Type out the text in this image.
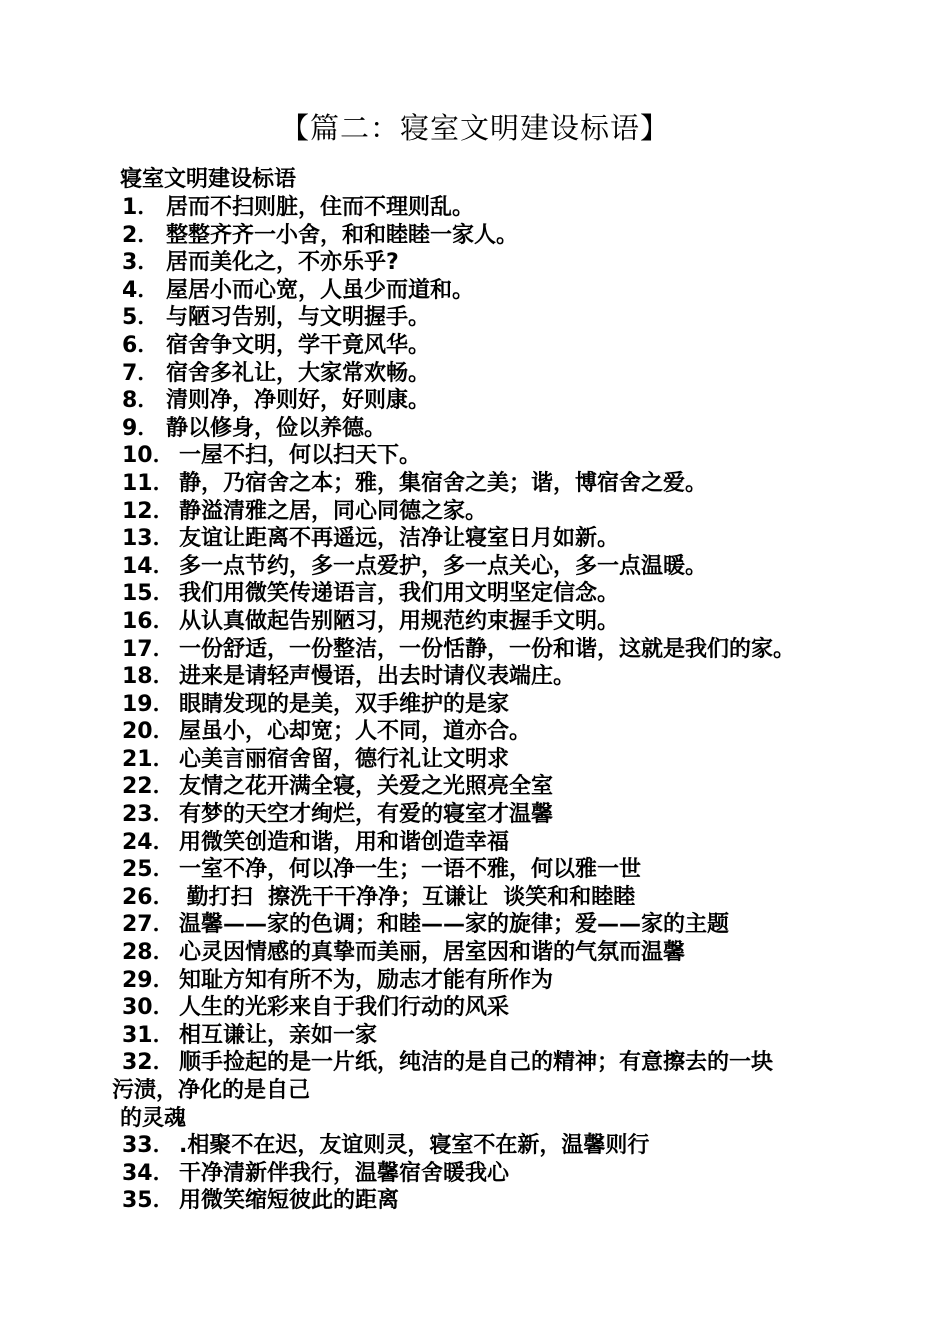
【篇二：寝室文明建设标语】
寝室文明建设标语
1． 居而不扫则脏，住而不理则乱。
2． 整整齐齐一小舍，和和睦睦一家人。
3． 居而美化之，不亦乐乎?
4． 屋居小而心宽，人虽少而道和。
5． 与陋习告别，与文明握手。
6． 宿舍争文明，学干竟风华。
7． 宿舍多礼让，大家常欢畅。
8． 清则净，净则好，好则康。
9． 静以修身，俭以养德。
10． 一屋不扫，何以扫天下。
11． 静，乃宿舍之本；雅，集宿舍之美；谐，博宿舍之爱。
12． 静溢清雅之居，同心同德之家。
13． 友谊让距离不再遥远，洁净让寝室日月如新。
14． 多一点节约，多一点爱护，多一点关心，多一点温暖。
15． 我们用微笑传递语言，我们用文明坚定信念。
16． 从认真做起告别陋习，用规范约束握手文明。
17． 一份舒适，一份整洁，一份恬静，一份和谐，这就是我们的家。
18． 进来是请轻声慢语，出去时请仪表端庄。
19． 眼睛发现的是美，双手维护的是家
20． 屋虽小，心却宽；人不同，道亦合。
21． 心美言丽宿舍留，德行礼让文明求
22． 友情之花开满全寝，关爱之光照亮全室
23． 有梦的天空才绚烂，有爱的寝室才温馨
24． 用微笑创造和谐，用和谐创造幸福
25． 一室不净，何以净一生；一语不雅，何以雅一世
26． 勤打扫  擦洗干干净净；互谦让  谈笑和和睦睦
27． 温馨——家的色调；和睦——家的旋律；爱——家的主题
28． 心灵因情感的真挚而美丽，居室因和谐的气氛而温馨
29． 知耻方知有所不为，励志才能有所作为
30． 人生的光彩来自于我们行动的风采
31． 相互谦让，亲如一家
32． 顺手捡起的是一片纸，纯洁的是自己的精神；有意擦去的一块
污渍，净化的是自己
的灵魂
33． .相聚不在迟，友谊则灵，寝室不在新，温馨则行
34． 干净清新伴我行，温馨宿舍暖我心
35． 用微笑缩短彼此的距离
